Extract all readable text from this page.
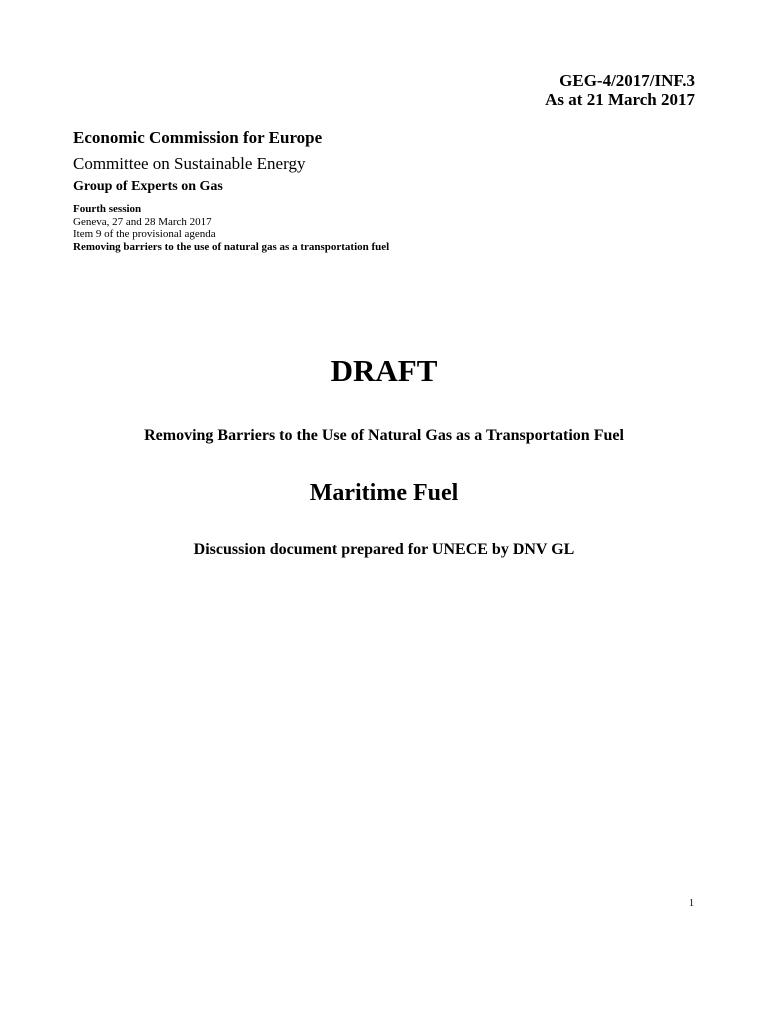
GEG-4/2017/INF.3
As at 21 March 2017
Economic Commission for Europe
Committee on Sustainable Energy
Group of Experts on Gas
Fourth session
Geneva, 27 and 28 March 2017
Item 9 of the provisional agenda
Removing barriers to the use of natural gas as a transportation fuel
DRAFT
Removing Barriers to the Use of Natural Gas as a Transportation Fuel
Maritime Fuel
Discussion document prepared for UNECE by DNV GL
1
